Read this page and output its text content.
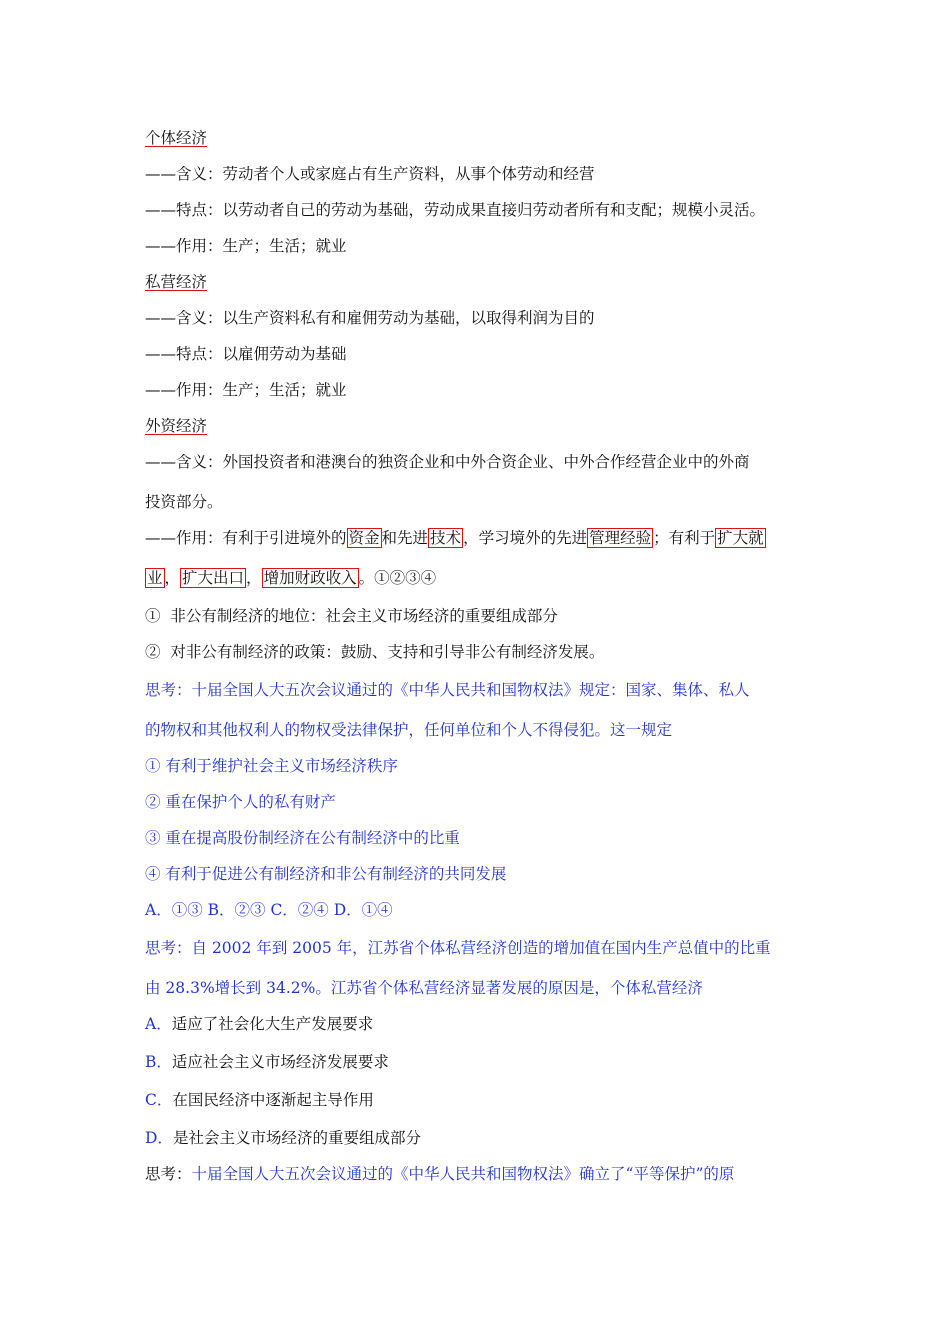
个体经济
——含义：劳动者个人或家庭占有生产资料，从事个体劳动和经营
——特点：以劳动者自己的劳动为基础，劳动成果直接归劳动者所有和支配；规模小灵活。
——作用：生产；生活；就业
私营经济
——含义：以生产资料私有和雇佣劳动为基础，以取得利润为目的
——特点：以雇佣劳动为基础
——作用：生产；生活；就业
外资经济
——含义：外国投资者和港澳台的独资企业和中外合资企业、中外合作经营企业中的外商
投资部分。
——作用：有利于引进境外的 资金 和先进 技术 ，学习境外的先进 管理经验 ；有利于 扩大就
业 ， 扩大出口 ， 增加财政收入 。①②③④
① 非公有制经济的地位：社会主义市场经济的重要组成部分
② 对非公有制经济的政策：鼓励、支持和引导非公有制经济发展。
思考：十届全国人大五次会议通过的《中华人民共和国物权法》规定：国家、集体、私人
的物权和其他权利人的物权受法律保护，任何单位和个人不得侵犯。这一规定
① 有利于维护社会主义市场经济秩序
② 重在保护个人的私有财产
③ 重在提高股份制经济在公有制经济中的比重
④ 有利于促进公有制经济和非公有制经济的共同发展
A．①③ B．②③ C．②④ D．①④
思考：自 2002 年到 2005 年，江苏省个体私营经济创造的增加值在国内生产总值中的比重
由 28.3%增长到 34.2%。江苏省个体私营经济显著发展的原因是，个体私营经济
A．适应了社会化大生产发展要求
B．适应社会主义市场经济发展要求
C．在国民经济中逐渐起主导作用
D．是社会主义市场经济的重要组成部分
思考：十届全国人大五次会议通过的《中华人民共和国物权法》确立了“平等保护”的原
